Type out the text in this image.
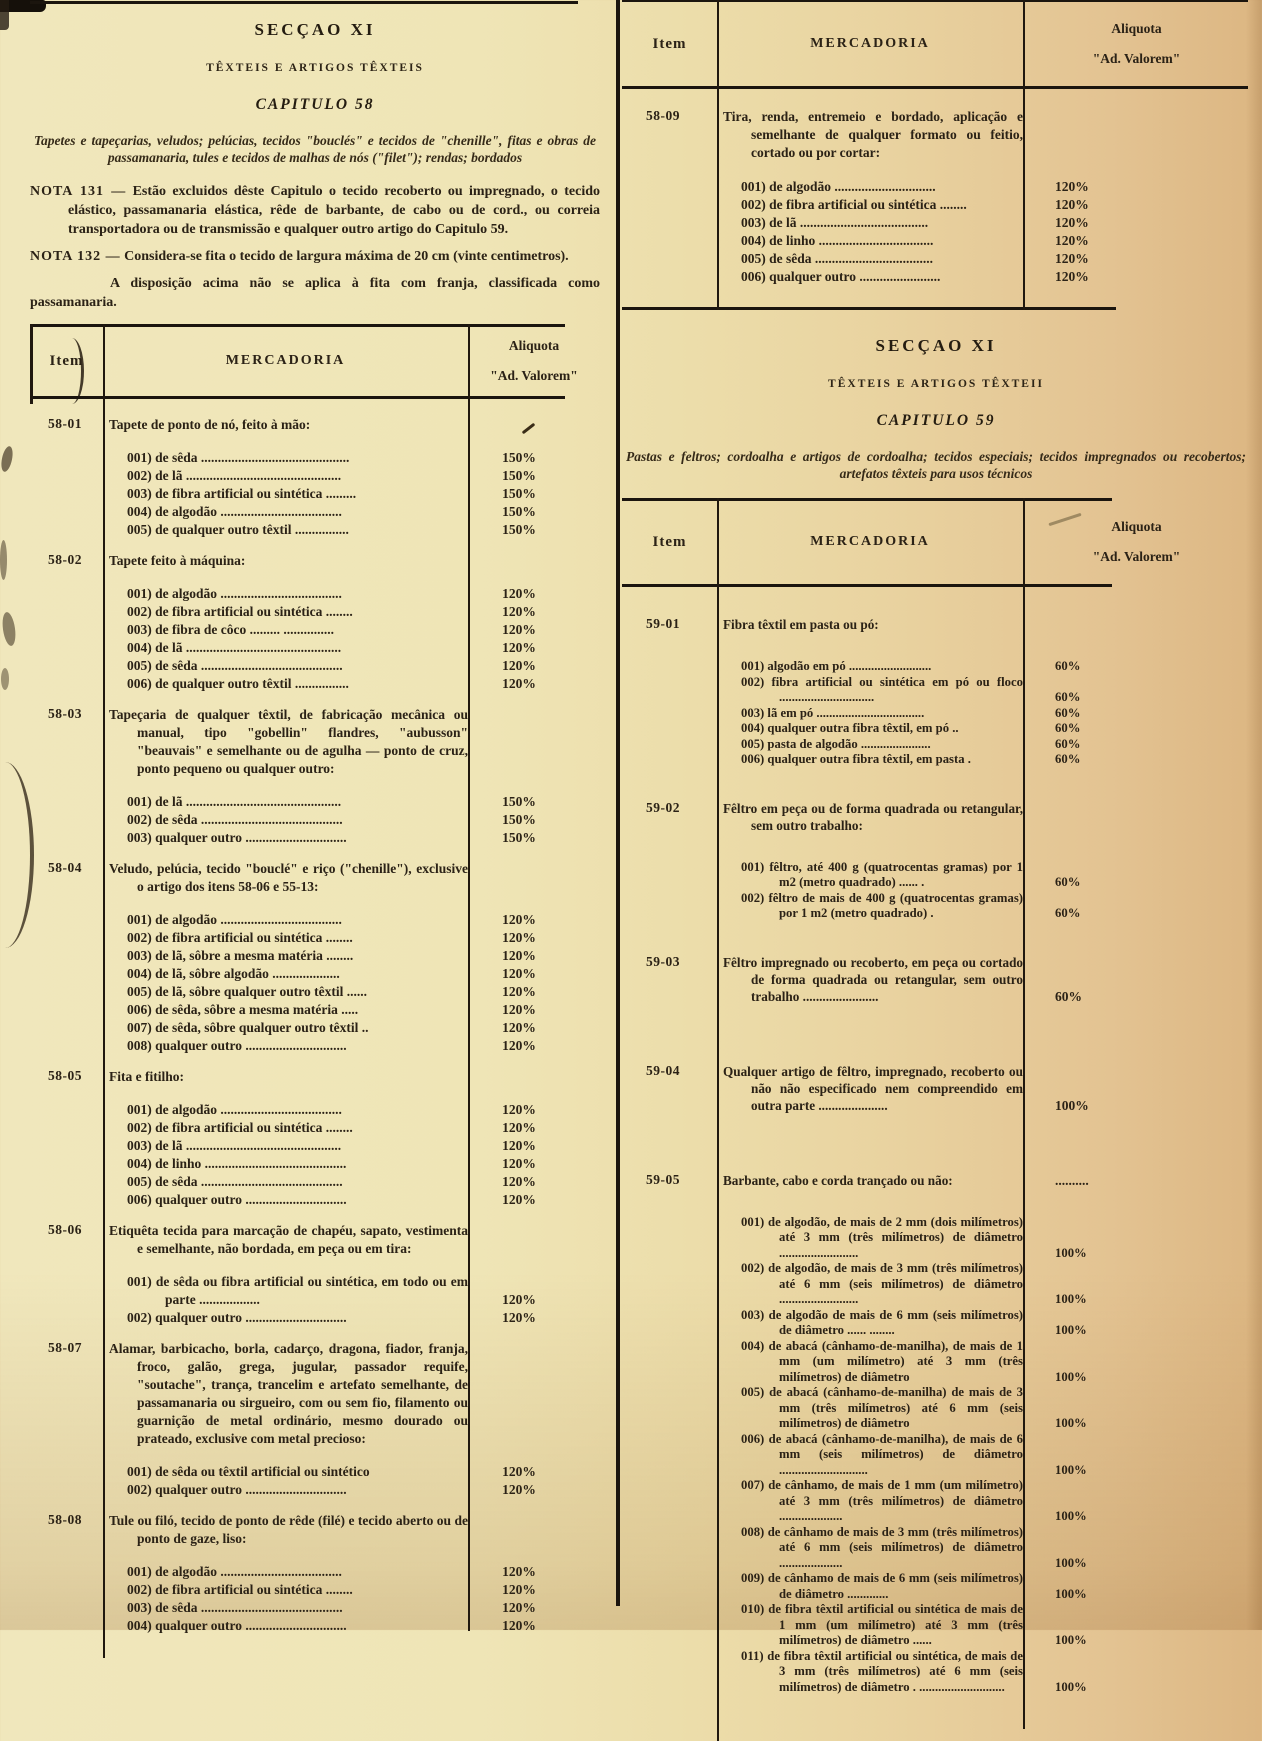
SECÇAO XI
TÊXTEIS E ARTIGOS TÊXTEIS
CAPITULO 58

Tapetes e tapeçarias, veludos; pelúcias, tecidos "bouclés" e tecidos de "chenille", fitas e obras de passamanaria, tules e tecidos de malhas de nós ("filet"); rendas; bordados

NOTA 131 — Estão excluidos dêste Capitulo o tecido recoberto ou impregnado, o tecido elástico, passamanaria elástica, rêde de barbante, de cabo ou de cord., ou correia transportadora ou de transmissão e qualquer outro artigo do Capitulo 59.

NOTA 132 — Considera-se fita o tecido de largura máxima de 20 cm (vinte centimetros).

A disposição acima não se aplica à fita com franja, classificada como passamanaria.

Item	MERCADORIA
Aliquota
"Ad. Valorem"
58-01	Tapete de ponto de nó, feito à mão:

001) de sêda ............................................	150%
002) de lã ..............................................	150%
003) de fibra artificial ou sintética .........	150%
004) de algodão ....................................	150%
005) de qualquer outro têxtil ................	150%
58-02	Tapete feito à máquina:

001) de algodão ....................................	120%
002) de fibra artificial ou sintética ........	120%
003) de fibra de côco ......... ...............	120%
004) de lã ..............................................	120%
005) de sêda ..........................................	120%
006) de qualquer outro têxtil ................	120%
58-03	Tapeçaria de qualquer têxtil, de fabricação mecânica ou manual, tipo "gobellin" flandres, "aubusson" "beauvais" e semelhante ou de agulha — ponto de cruz, ponto pequeno ou qualquer outro:

001) de lã ..............................................	150%
002) de sêda ..........................................	150%
003) qualquer outro ..............................	150%
58-04	Veludo, pelúcia, tecido "bouclé" e riço ("chenille"), exclusive o artigo dos itens 58-06 e 55-13:

001) de algodão ....................................	120%
002) de fibra artificial ou sintética ........	120%
003) de lã, sôbre a mesma matéria ........	120%
004) de lã, sôbre algodão ....................	120%
005) de lã, sôbre qualquer outro têxtil ......	120%
006) de sêda, sôbre a mesma matéria .....	120%
007) de sêda, sôbre qualquer outro têxtil ..	120%
008) qualquer outro ..............................	120%
58-05	Fita e fitilho:

001) de algodão ....................................	120%
002) de fibra artificial ou sintética ........	120%
003) de lã ..............................................	120%
004) de linho ..........................................	120%
005) de sêda ..........................................	120%
006) qualquer outro ..............................	120%
58-06	Etiquêta tecida para marcação de chapéu, sapato, vestimenta e semelhante, não bordada, em peça ou em tira:

001) de sêda ou fibra artificial ou sintética, em todo ou em parte ..................	120%
002) qualquer outro ..............................	120%
58-07	Alamar, barbicacho, borla, cadarço, dragona, fiador, franja, froco, galão, grega, jugular, passador requife, "soutache", trança, trancelim e artefato semelhante, de passamanaria ou sirgueiro, com ou sem fio, filamento ou guarnição de metal ordinário, mesmo dourado ou prateado, exclusive com metal precioso:

001) de sêda ou têxtil artificial ou sintético	120%
002) qualquer outro ..............................	120%
58-08	Tule ou filó, tecido de ponto de rêde (filé) e tecido aberto ou de ponto de gaze, liso:

001) de algodão ....................................	120%
002) de fibra artificial ou sintética ........	120%
003) de sêda ..........................................	120%
004) qualquer outro ..............................	120%
Item	MERCADORIA
Aliquota
"Ad. Valorem"
58-09	Tira, renda, entremeio e bordado, aplicação e semelhante de qualquer formato ou feitio, cortado ou por cortar:

001) de algodão ..............................	120%
002) de fibra artificial ou sintética ........	120%
003) de lã ......................................	120%
004) de linho ..................................	120%
005) de sêda ...................................	120%
006) qualquer outro ........................	120%
SECÇAO XI
TÊXTEIS E ARTIGOS TÊXTEII
CAPITULO 59

Pastas e feltros; cordoalha e artigos de cordoalha; tecidos especiais; tecidos impregnados ou recobertos; artefatos têxteis para usos técnicos

Item	MERCADORIA
Aliquota
"Ad. Valorem"
59-01	Fibra têxtil em pasta ou pó:

001) algodão em pó ..........................	60%
002) fibra artificial ou sintética em pó ou floco ..............................	60%
003) lã em pó ..................................	60%
004) qualquer outra fibra têxtil, em pó ..	60%
005) pasta de algodão ......................	60%
006) qualquer outra fibra têxtil, em pasta .	60%
59-02	Fêltro em peça ou de forma quadrada ou retangular, sem outro trabalho:

001) fêltro, até 400 g (quatrocentas gramas) por 1 m2 (metro quadrado) ...... .	60%
002) fêltro de mais de 400 g (quatrocentas gramas) por 1 m2 (metro quadrado) .	60%
59-03	Fêltro impregnado ou recoberto, em peça ou cortado de forma quadrada ou retangular, sem outro trabalho .......................	60%
59-04	Qualquer artigo de fêltro, impregnado, recoberto ou não não especificado nem compreendido em outra parte .....................	100%
59-05	Barbante, cabo e corda trançado ou não:	..........
001) de algodão, de mais de 2 mm (dois milímetros) até 3 mm (três milímetros) de diâmetro .........................	100%
002) de algodão, de mais de 3 mm (três milímetros) até 6 mm (seis milímetros) de diâmetro .........................	100%
003) de algodão de mais de 6 mm (seis milímetros) de diâmetro ...... ........	100%
004) de abacá (cânhamo-de-manilha), de mais de 1 mm (um milímetro) até 3 mm (três milímetros) de diâmetro	100%
005) de abacá (cânhamo-de-manilha) de mais de 3 mm (três milímetros) até 6 mm (seis milímetros) de diâmetro	100%
006) de abacá (cânhamo-de-manilha), de mais de 6 mm (seis milímetros) de diâmetro ............................	100%
007) de cânhamo, de mais de 1 mm (um milímetro) até 3 mm (três milímetros) de diâmetro ....................	100%
008) de cânhamo de mais de 3 mm (três milímetros) até 6 mm (seis milímetros) de diâmetro ....................	100%
009) de cânhamo de mais de 6 mm (seis milímetros) de diâmetro .............	100%
010) de fibra têxtil artificial ou sintética de mais de 1 mm (um milímetro) até 3 mm (três milímetros) de diâmetro ......	100%
011) de fibra têxtil artificial ou sintética, de mais de 3 mm (três milímetros) até 6 mm (seis milímetros) de diâmetro . ...........................	100%
